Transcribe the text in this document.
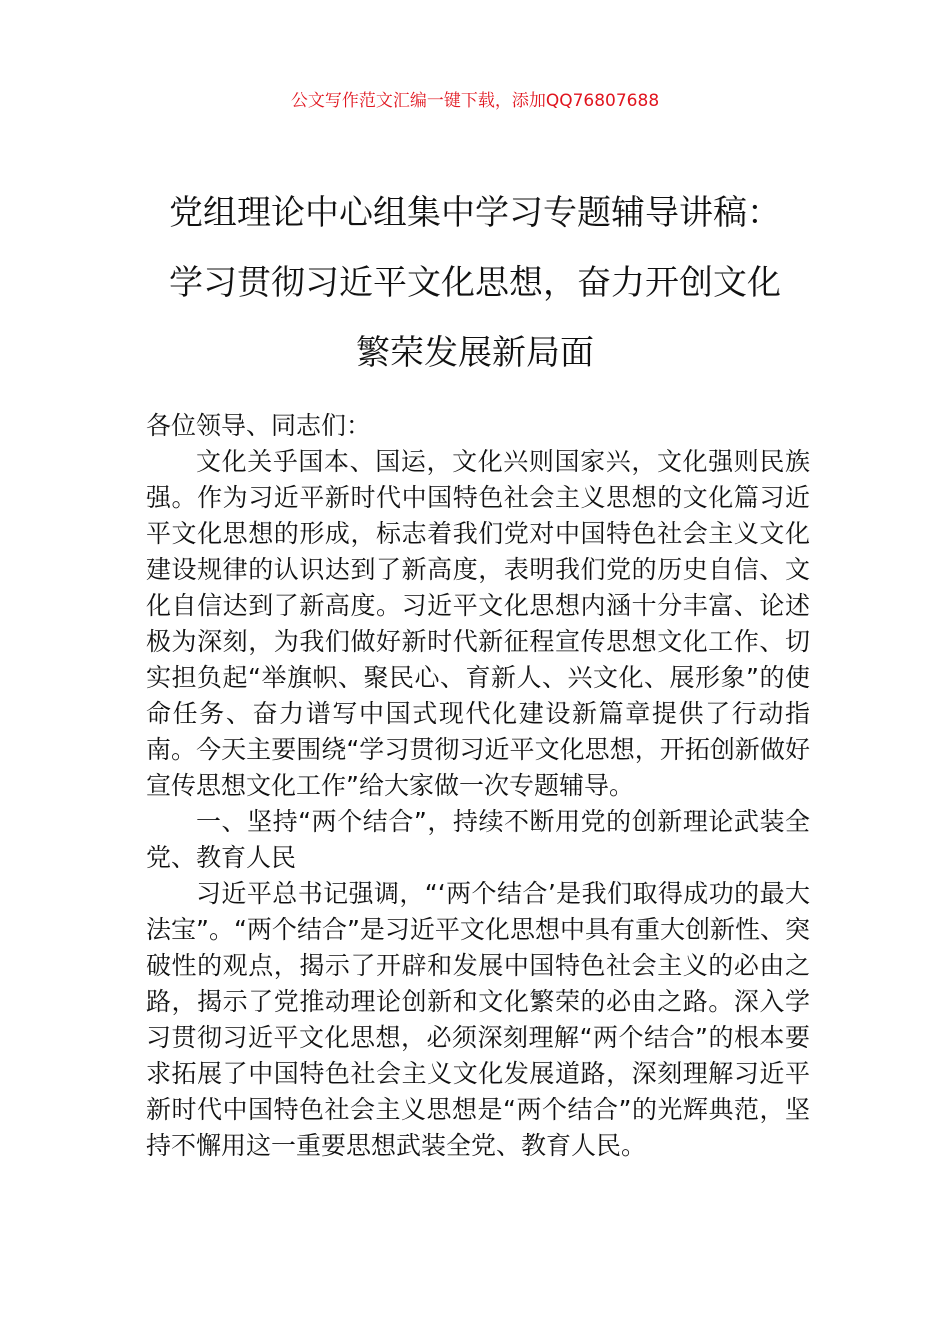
公文写作范文汇编一键下载，添加QQ76807688
党组理论中心组集中学习专题辅导讲稿：
学习贯彻习近平文化思想，奋力开创文化
繁荣发展新局面

各位领导、同志们：

文化关乎国本、国运，文化兴则国家兴，文化强则民族强。作为习近平新时代中国特色社会主义思想的文化篇习近平文化思想的形成，标志着我们党对中国特色社会主义文化建设规律的认识达到了新高度，表明我们党的历史自信、文化自信达到了新高度。习近平文化思想内涵十分丰富、论述极为深刻，为我们做好新时代新征程宣传思想文化工作、切实担负起“举旗帜、聚民心、育新人、兴文化、展形象”的使命任务、奋力谱写中国式现代化建设新篇章提供了行动指南。今天主要围绕“学习贯彻习近平文化思想，开拓创新做好宣传思想文化工作”给大家做一次专题辅导。

一、坚持“两个结合”，持续不断用党的创新理论武装全党、教育人民

习近平总书记强调，“‘两个结合’是我们取得成功的最大法宝”。“两个结合”是习近平文化思想中具有重大创新性、突破性的观点，揭示了开辟和发展中国特色社会主义的必由之路，揭示了党推动理论创新和文化繁荣的必由之路。深入学习贯彻习近平文化思想，必须深刻理解“两个结合”的根本要求拓展了中国特色社会主义文化发展道路，深刻理解习近平新时代中国特色社会主义思想是“两个结合”的光辉典范，坚持不懈用这一重要思想武装全党、教育人民。
